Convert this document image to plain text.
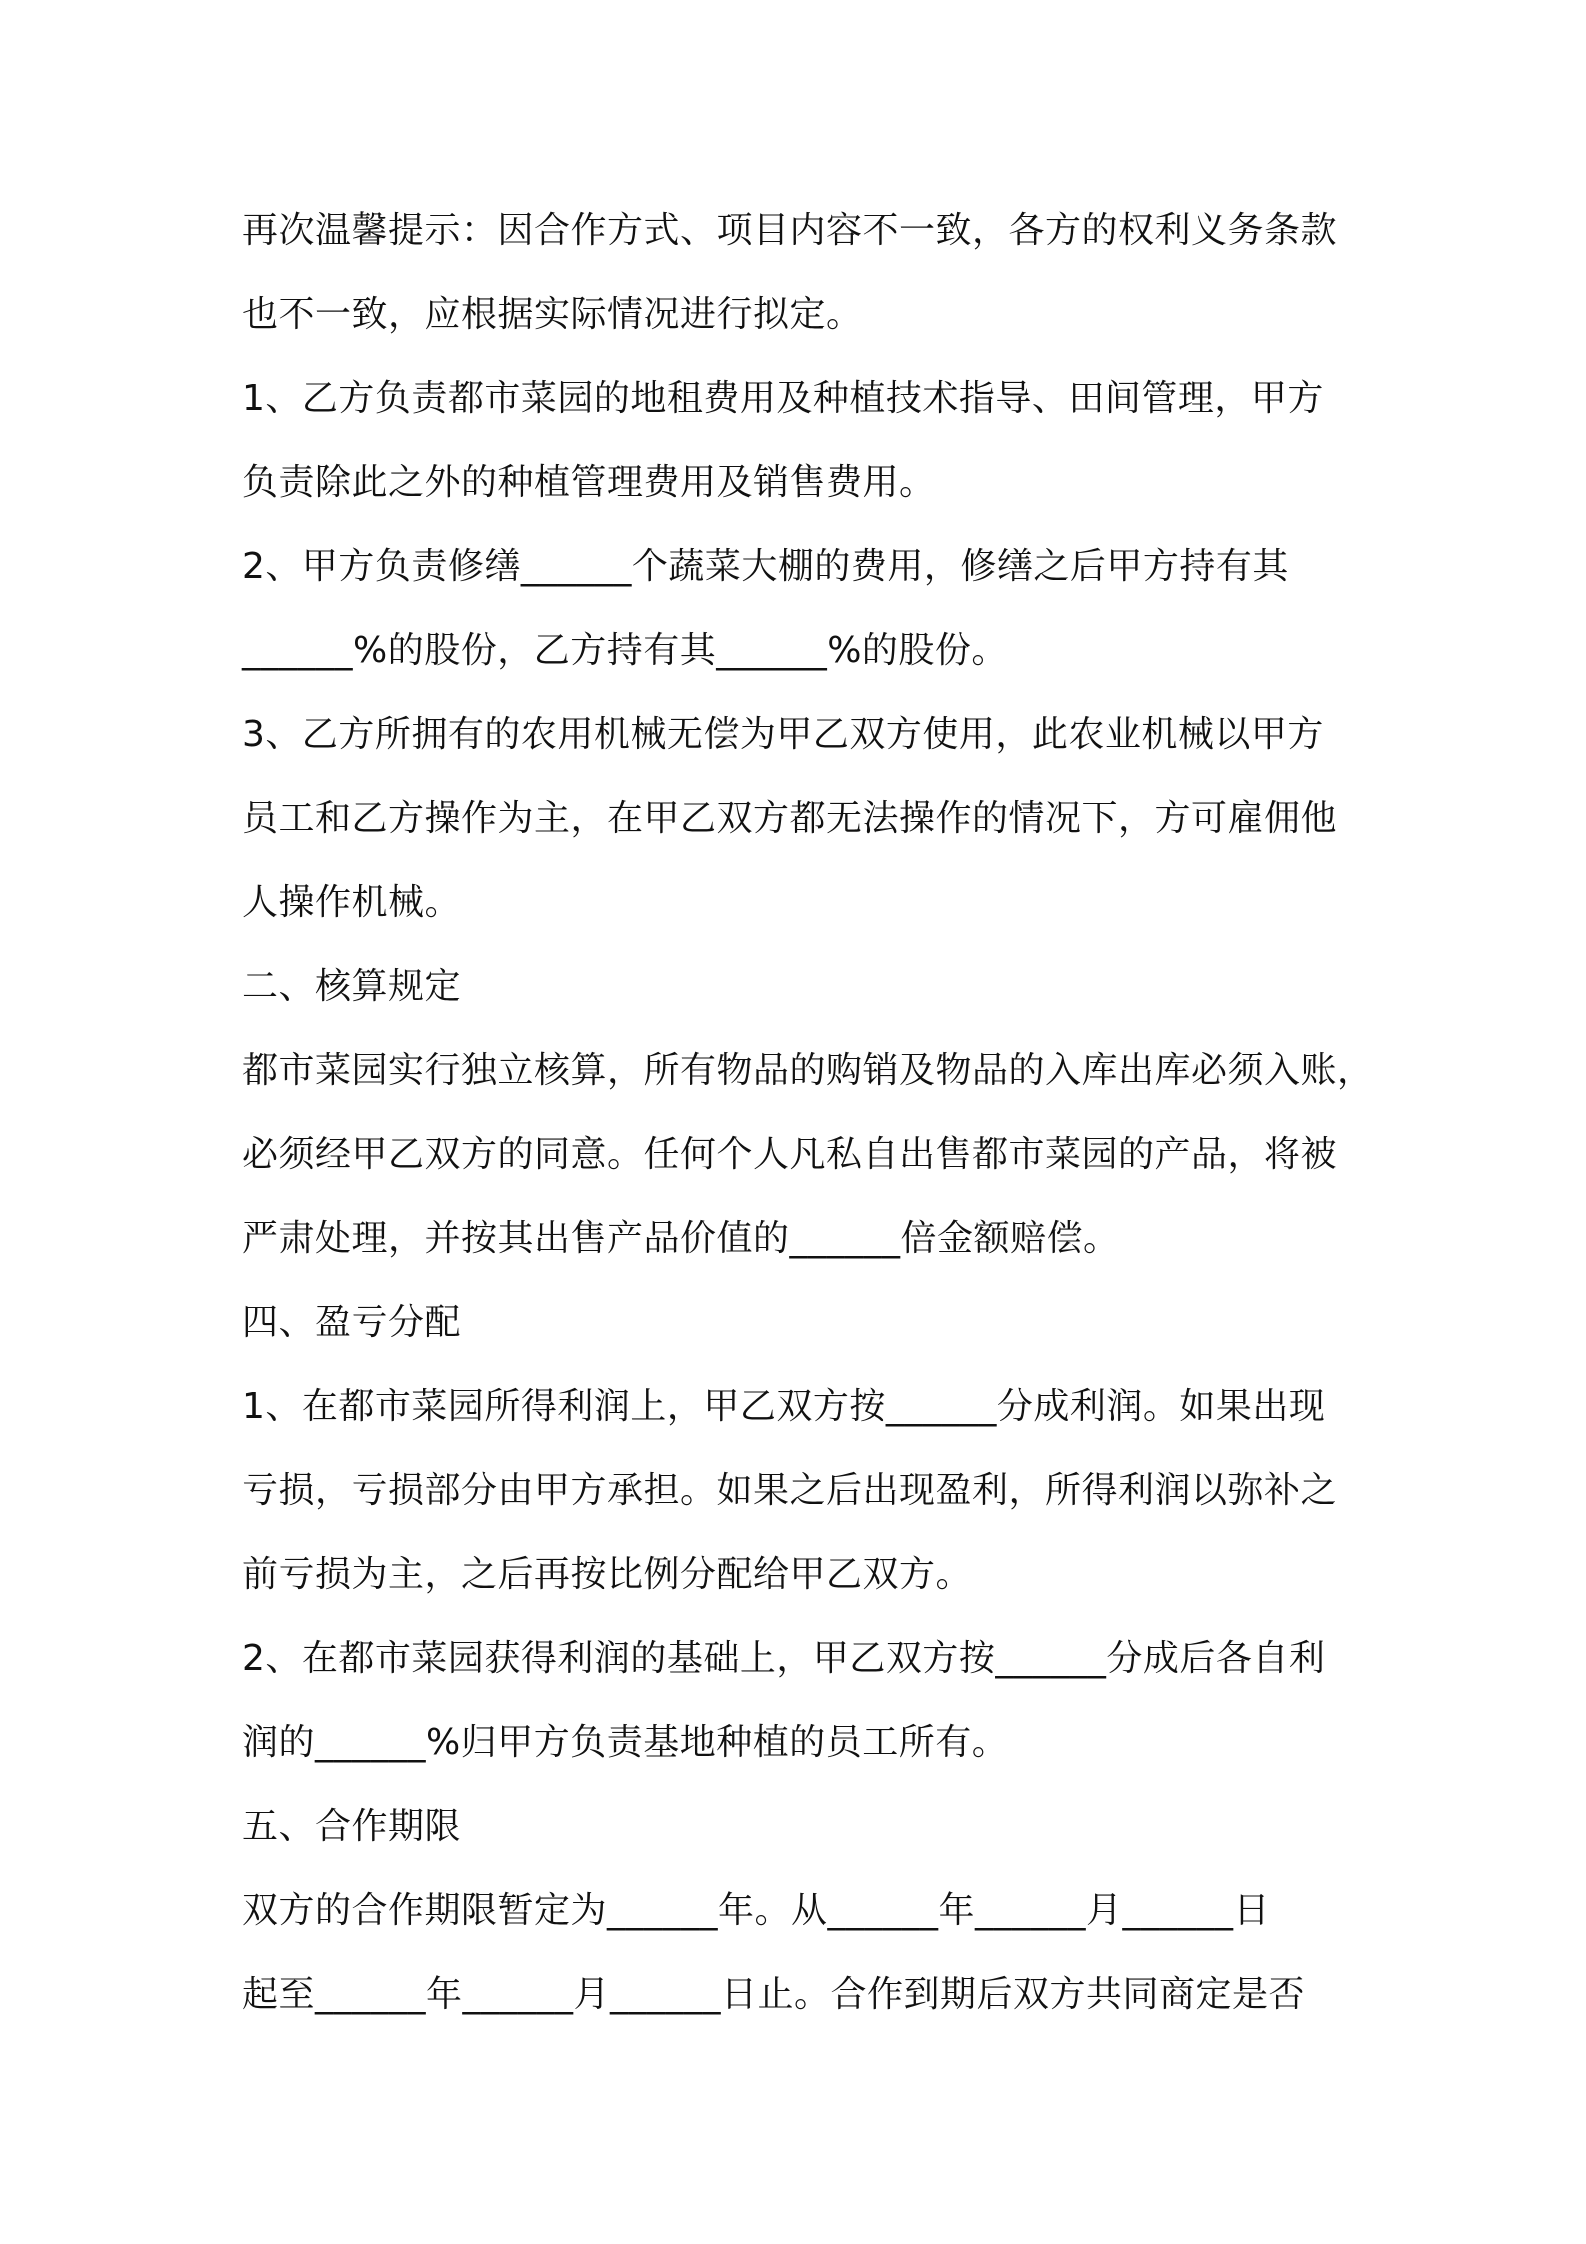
再次温馨提示：因合作方式、项目内容不一致，各方的权利义务条款
也不一致，应根据实际情况进行拟定。
1、乙方负责都市菜园的地租费用及种植技术指导、田间管理，甲方
负责除此之外的种植管理费用及销售费用。
2、甲方负责修缮______个蔬菜大棚的费用，修缮之后甲方持有其
______%的股份，乙方持有其______%的股份。
3、乙方所拥有的农用机械无偿为甲乙双方使用，此农业机械以甲方
员工和乙方操作为主，在甲乙双方都无法操作的情况下，方可雇佣他
人操作机械。
二、核算规定
都市菜园实行独立核算，所有物品的购销及物品的入库出库必须入账，
必须经甲乙双方的同意。任何个人凡私自出售都市菜园的产品，将被
严肃处理，并按其出售产品价值的______倍金额赔偿。
四、盈亏分配
1、在都市菜园所得利润上，甲乙双方按______分成利润。如果出现
亏损，亏损部分由甲方承担。如果之后出现盈利，所得利润以弥补之
前亏损为主，之后再按比例分配给甲乙双方。
2、在都市菜园获得利润的基础上，甲乙双方按______分成后各自利
润的______%归甲方负责基地种植的员工所有。
五、合作期限
双方的合作期限暂定为______年。从______年______月______日
起至______年______月______日止。合作到期后双方共同商定是否
